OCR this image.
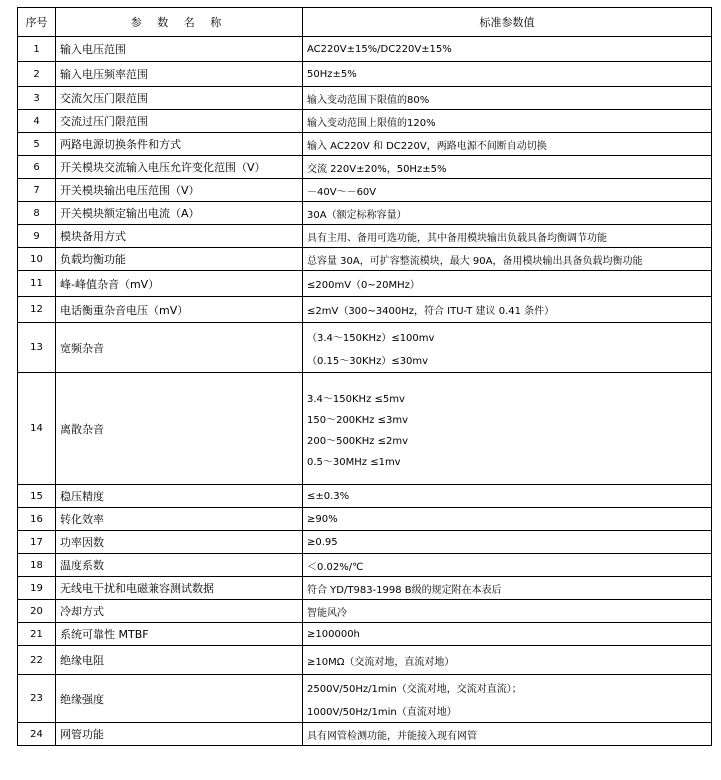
序号	参 数 名 称	标准参数值
1	输入电压范围	AC220V±15%/DC220V±15%

2	输入电压频率范围	50Hz±5%

3	交流欠压门限范围	输入变动范围下限值的80%

4	交流过压门限范围	输入变动范围上限值的120%

5	两路电源切换条件和方式	输入 AC220V 和 DC220V，两路电源不间断自动切换

6	开关模块交流输入电压允许变化范围（V）	交流 220V±20%，50Hz±5%

7	开关模块输出电压范围（V）	－40V～－60V

8	开关模块额定输出电流（A）	30A（额定标称容量）

9	模块备用方式	具有主用、备用可选功能，其中备用模块输出负载具备均衡调节功能

10	负载均衡功能	总容量 30A，可扩容整流模块，最大 90A，备用模块输出具备负载均衡功能

11	峰-峰值杂音（mV）	≤200mV（0~20MHz）

12	电话衡重杂音电压（mV）	≤2mV（300~3400Hz，符合 ITU-T 建议 0.41 条件）

13	宽频杂音	（3.4～150KHz）≤100mv
（0.15～30KHz）≤30mv

14	离散杂音	3.4～150KHz ≤5mv
150～200KHz ≤3mv
200～500KHz ≤2mv
0.5～30MHz ≤1mv

15	稳压精度	≤±0.3%

16	转化效率	≥90%

17	功率因数	≥0.95

18	温度系数	＜0.02%/℃

19	无线电干扰和电磁兼容测试数据	符合 YD/T983-1998 B级的规定附在本表后

20	冷却方式	智能风冷

21	系统可靠性 MTBF	≥100000h

22	绝缘电阻	≥10MΩ（交流对地，直流对地）

23	绝缘强度	2500V/50Hz/1min（交流对地，交流对直流）；
1000V/50Hz/1min（直流对地）

24	网管功能	具有网管检测功能，并能接入现有网管
